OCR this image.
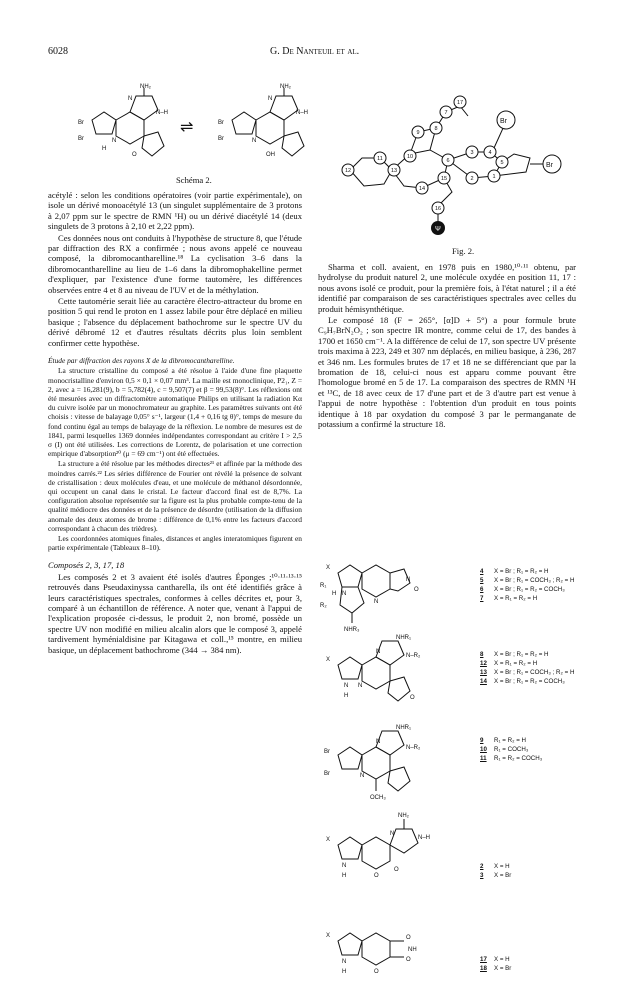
6028	G. De Nanteuil et al.
NH₂
N
N–H
Br
Br	N
H
O
⇌
NH₂
N
N–H
Br
Br	N
OH
Schéma 2.	1
2
3	4
5
6
7
8
9
10
11
12	13
14
15
16
17
Br
Br
Ψ
Fig. 2.

acétylé : selon les conditions opératoires (voir partie expérimentale), on isole un dérivé monoacétylé 13 (un singulet supplémentaire de 3 protons à 2,07 ppm sur le spectre de RMN ¹H) ou un dérivé diacétylé 14 (deux singulets de 3 protons à 2,10 et 2,22 ppm).

Ces données nous ont conduits à l'hypothèse de structure 8, que l'étude par diffraction des RX a confirmée ; nous avons appelé ce nouveau composé, la dibromocantharelline.¹⁸ La cyclisation 3–6 dans la dibromocantharelline au lieu de 1–6 dans la dibromophakelline permet d'expliquer, par l'existence d'une forme tautomère, les différences observées entre 4 et 8 au niveau de l'UV et de la méthylation.

Cette tautomérie serait liée au caractère électro-attracteur du brome en position 5 qui rend le proton en 1 assez labile pour être déplacé en milieu basique ; l'absence du déplacement bathochrome sur le spectre UV du dérivé débromé 12 et d'autres résultats décrits plus loin semblent confirmer cette hypothèse.

Étude par diffraction des rayons X de la dibromocantharelline.

La structure cristalline du composé a été résolue à l'aide d'une fine plaquette monocristalline d'environ 0,5 × 0,1 × 0,07 mm³. La maille est monoclinique, P2₁, Z = 2, avec a = 16,281(9), b = 5,782(4), c = 9,507(7) et β = 99,53(8)°. Les réflexions ont été mesurées avec un diffractomètre automatique Philips en utilisant la radiation Kα du cuivre isolée par un monochromateur au graphite. Les paramètres suivants ont été choisis : vitesse de balayage 0,05° s⁻¹, largeur (1,4 + 0,16 tg θ)°, temps de mesure du fond continu égal au temps de balayage de la réflexion. Le nombre de mesures est de 1841, parmi lesquelles 1369 données indépendantes correspondant au critère I > 2,5 σ (I) ont été utilisées. Les corrections de Lorentz, de polarisation et une correction empirique d'absorption²⁰ (μ = 69 cm⁻¹) ont été effectuées.

La structure a été résolue par les méthodes directes²¹ et affinée par la méthode des moindres carrés.²² Les séries différence de Fourier ont révélé la présence de solvant de cristallisation : deux molécules d'eau, et une molécule de méthanol désordonnée, qui occupent un canal dans le cristal. Le facteur d'accord final est de 8,7%. La configuration absolue représentée sur la figure est la plus probable compte-tenu de la qualité médiocre des données et de la présence de désordre (utilisation de la diffusion anomale des deux atomes de brome : différence de 0,1% entre les facteurs d'accord correspondant à chacun des trièdres).

Les coordonnées atomiques finales, distances et angles interatomiques figurent en partie expérimentale (Tableaux 8–10).

Composés 2, 3, 17, 18

Les composés 2 et 3 avaient été isolés d'autres Éponges ;¹⁰·¹¹·¹³·¹⁵ retrouvés dans Pseudaxinyssa cantharella, ils ont été identifiés grâce à leurs caractéristiques spectrales, conformes à celles décrites et, pour 3, comparé à un échantillon de référence. A noter que, venant à l'appui de l'explication proposée ci-dessus, le produit 2, non bromé, possède un spectre UV non modifié en milieu alcalin alors que le composé 3, appelé tardivement hyménialdisine par Kitagawa et coll.,¹⁵ montre, en milieu basique, un déplacement bathochrome (344 → 384 nm).

Sharma et coll. avaient, en 1978 puis en 1980,¹⁰·¹¹ obtenu, par hydrolyse du produit naturel 2, une molécule oxydée en position 11, 17 : nous avons isolé ce produit, pour la première fois, à l'état naturel ; il a été identifié par comparaison de ses caractéristiques spectrales avec celles du produit hémisynthétique.

Le composé 18 (F = 265°, [α]D + 5°) a pour formule brute C₉H₇BrN₂O₂ ; son spectre IR montre, comme celui de 17, des bandes à 1700 et 1650 cm⁻¹. A la différence de celui de 17, son spectre UV présente trois maxima à 223, 249 et 307 nm déplacés, en milieu basique, à 236, 287 et 346 nm. Les formules brutes de 17 et 18 ne se différenciant que par la bromation de 18, celui-ci nous est apparu comme pouvant être l'homologue bromé en 5 de 17. La comparaison des spectres de RMN ¹H et ¹³C, de 18 avec ceux de 17 d'une part et de 3 d'autre part est venue à l'appui de notre hypothèse : l'obtention d'un produit en tous points identique à 18 par oxydation du composé 3 par le permanganate de potassium a confirmé la structure 18.

X
N
H
R₁
N
N
R₂
O
NHR₃
X
NHR₁
N
N–R₂
N N
H	O
NHR₁
Br
Br
N
N
N–R₂
OCH₃
NH₂
N
N–H
X
N
H	O
O
X
N
H
O
O
NH
O
4 X = Br ; R₁ = R₂ = H
5 X = Br ; R₁ = COCH₃ ; R₂ = H
6 X = Br ; R₁ = R₂ = COCH₃
7 X = R₁ = R₂ = H
8 X = Br ; R₁ = R₂ = H
12 X = R₁ = R₂ = H
13 X = Br ; R₁ = COCH₃ ; R₂ = H
14 X = Br ; R₁ = R₂ = COCH₃
9 R₁ = R₂ = H
10 R₁ = COCH₃
11 R₁ = R₂ = COCH₃
2 X = H
3 X = Br
17 X = H
18 X = Br
